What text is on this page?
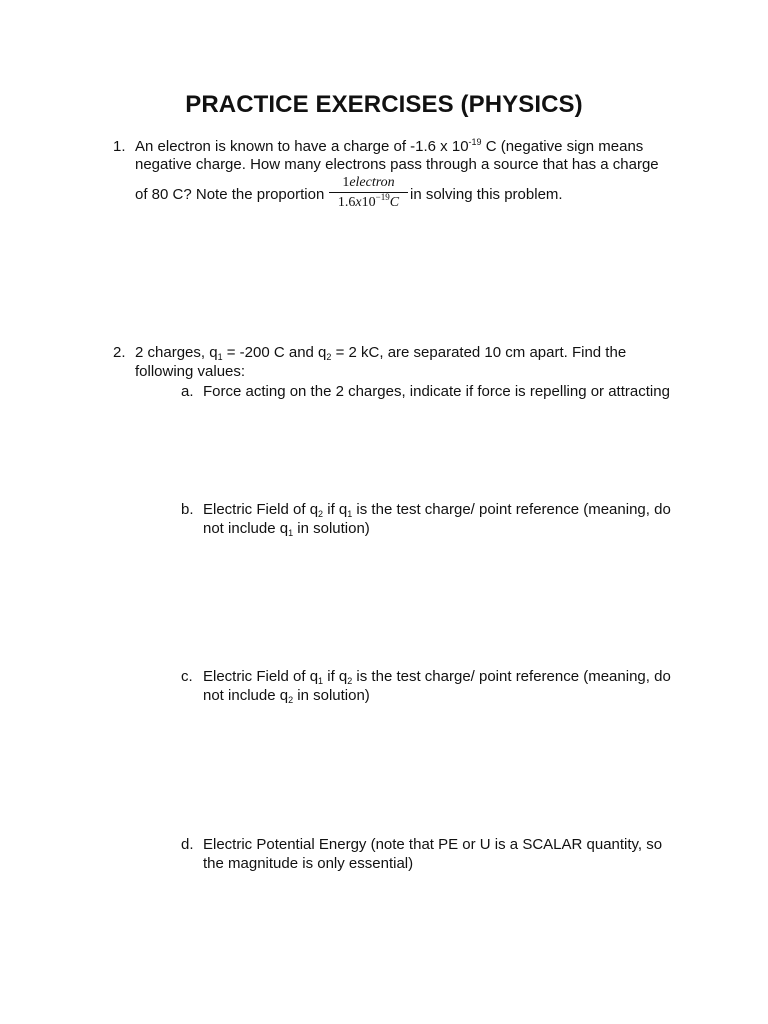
PRACTICE EXERCISES (PHYSICS)
1. An electron is known to have a charge of -1.6 x $10^{-19}$ C (negative sign means
negative charge. How many electrons pass through a source that has a charge
of 80 C? Note the proportion
1electron
$1.6x10^{-19}C$ in solving this problem.
2. 2 charges, $q_1 = -200$ C and $q_2 = 2$ kC, are separated 10 cm apart. Find the
following values:
a. Force acting on the 2 charges, indicate if force is repelling or attracting
b. Electric Field of $q_2$ if $q_1$ is the test charge/ point reference (meaning, do
not include $q_1$ in solution)
c. Electric Field of $q_1$ if $q_2$ is the test charge/ point reference (meaning, do
not include $q_2$ in solution)
d. Electric Potential Energy (note that PE or U is a SCALAR quantity, so
the magnitude is only essential)
